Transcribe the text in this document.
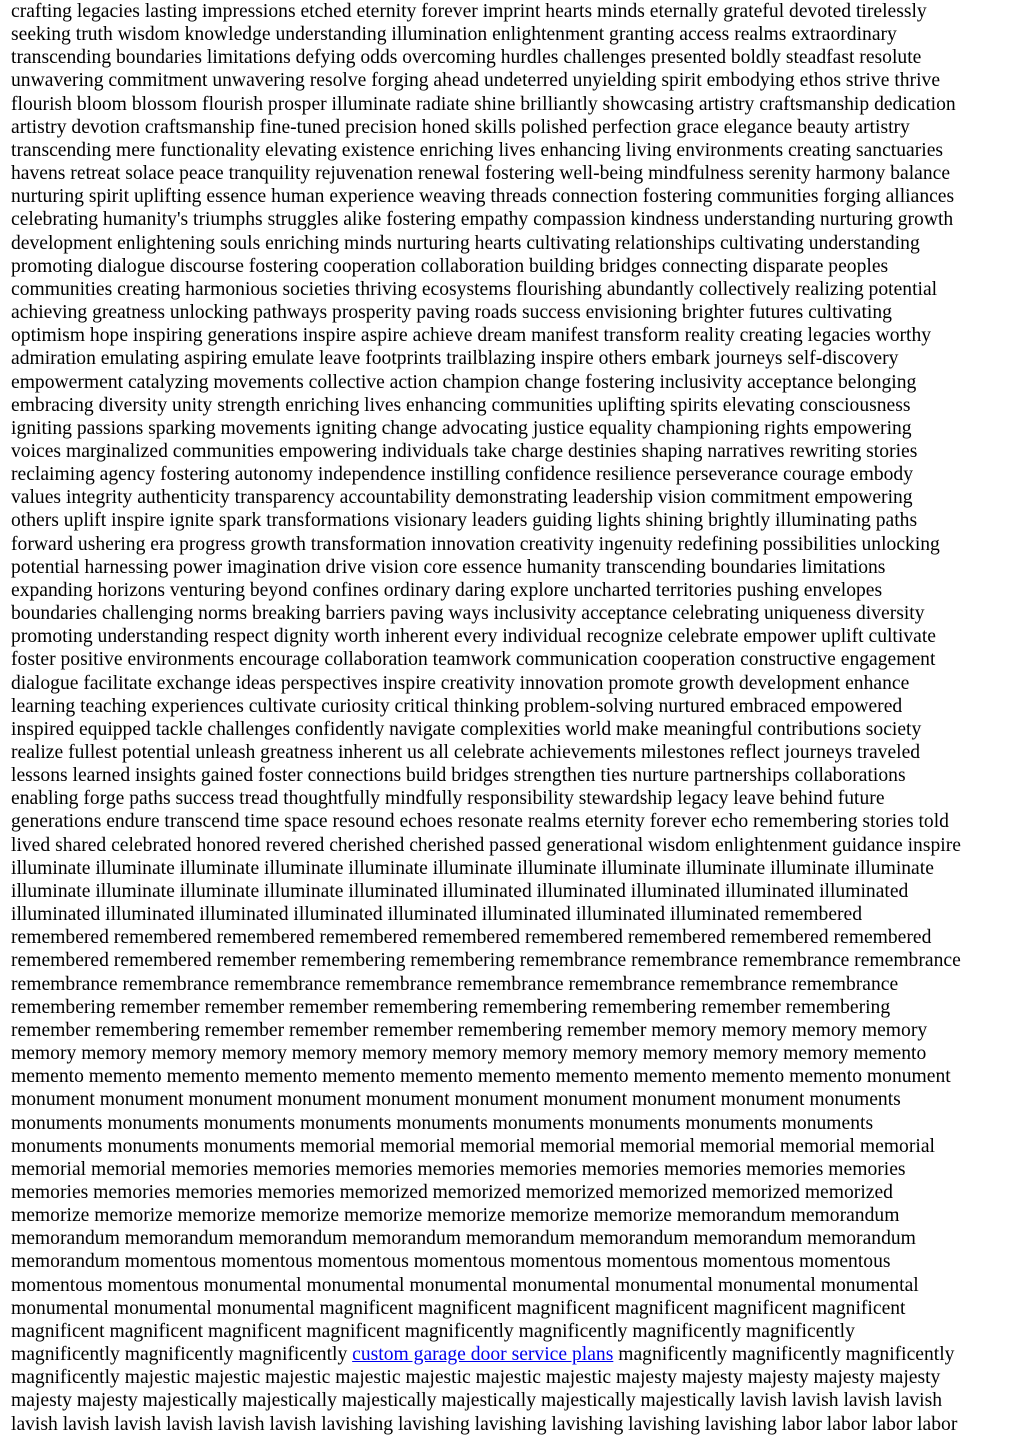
crafting legacies lasting impressions etched eternity forever imprint hearts minds eternally grateful devoted tirelessly

seeking truth wisdom knowledge understanding illumination enlightenment granting access realms extraordinary

transcending boundaries limitations defying odds overcoming hurdles challenges presented boldly steadfast resolute

unwavering commitment unwavering resolve forging ahead undeterred unyielding spirit embodying ethos strive thrive

flourish bloom blossom flourish prosper illuminate radiate shine brilliantly showcasing artistry craftsmanship dedication

artistry devotion craftsmanship fine-tuned precision honed skills polished perfection grace elegance beauty artistry

transcending mere functionality elevating existence enriching lives enhancing living environments creating sanctuaries

havens retreat solace peace tranquility rejuvenation renewal fostering well-being mindfulness serenity harmony balance

nurturing spirit uplifting essence human experience weaving threads connection fostering communities forging alliances

celebrating humanity's triumphs struggles alike fostering empathy compassion kindness understanding nurturing growth

development enlightening souls enriching minds nurturing hearts cultivating relationships cultivating understanding

promoting dialogue discourse fostering cooperation collaboration building bridges connecting disparate peoples

communities creating harmonious societies thriving ecosystems flourishing abundantly collectively realizing potential

achieving greatness unlocking pathways prosperity paving roads success envisioning brighter futures cultivating

optimism hope inspiring generations inspire aspire achieve dream manifest transform reality creating legacies worthy

admiration emulating aspiring emulate leave footprints trailblazing inspire others embark journeys self-discovery

empowerment catalyzing movements collective action champion change fostering inclusivity acceptance belonging

embracing diversity unity strength enriching lives enhancing communities uplifting spirits elevating consciousness

igniting passions sparking movements igniting change advocating justice equality championing rights empowering

voices marginalized communities empowering individuals take charge destinies shaping narratives rewriting stories

reclaiming agency fostering autonomy independence instilling confidence resilience perseverance courage embody

values integrity authenticity transparency accountability demonstrating leadership vision commitment empowering

others uplift inspire ignite spark transformations visionary leaders guiding lights shining brightly illuminating paths

forward ushering era progress growth transformation innovation creativity ingenuity redefining possibilities unlocking

potential harnessing power imagination drive vision core essence humanity transcending boundaries limitations

expanding horizons venturing beyond confines ordinary daring explore uncharted territories pushing envelopes

boundaries challenging norms breaking barriers paving ways inclusivity acceptance celebrating uniqueness diversity

promoting understanding respect dignity worth inherent every individual recognize celebrate empower uplift cultivate

foster positive environments encourage collaboration teamwork communication cooperation constructive engagement

dialogue facilitate exchange ideas perspectives inspire creativity innovation promote growth development enhance

learning teaching experiences cultivate curiosity critical thinking problem-solving nurtured embraced empowered

inspired equipped tackle challenges confidently navigate complexities world make meaningful contributions society

realize fullest potential unleash greatness inherent us all celebrate achievements milestones reflect journeys traveled

lessons learned insights gained foster connections build bridges strengthen ties nurture partnerships collaborations

enabling forge paths success tread thoughtfully mindfully responsibility stewardship legacy leave behind future

generations endure transcend time space resound echoes resonate realms eternity forever echo remembering stories told

lived shared celebrated honored revered cherished cherished passed generational wisdom enlightenment guidance inspire

illuminate illuminate illuminate illuminate illuminate illuminate illuminate illuminate illuminate illuminate illuminate

illuminate illuminate illuminate illuminate illuminated illuminated illuminated illuminated illuminated illuminated

illuminated illuminated illuminated illuminated illuminated illuminated illuminated illuminated remembered

remembered remembered remembered remembered remembered remembered remembered remembered remembered

remembered remembered remember remembering remembering remembrance remembrance remembrance remembrance

remembrance remembrance remembrance remembrance remembrance remembrance remembrance remembrance

remembering remember remember remember remembering remembering remembering remember remembering

remember remembering remember remember remember remembering remember memory memory memory memory

memory memory memory memory memory memory memory memory memory memory memory memory memento

memento memento memento memento memento memento memento memento memento memento memento monument

monument monument monument monument monument monument monument monument monument monuments

monuments monuments monuments monuments monuments monuments monuments monuments monuments

monuments monuments monuments memorial memorial memorial memorial memorial memorial memorial memorial

memorial memorial memories memories memories memories memories memories memories memories memories

memories memories memories memories memorized memorized memorized memorized memorized memorized

memorize memorize memorize memorize memorize memorize memorize memorize memorandum memorandum

memorandum memorandum memorandum memorandum memorandum memorandum memorandum memorandum

memorandum momentous momentous momentous momentous momentous momentous momentous momentous

momentous momentous monumental monumental monumental monumental monumental monumental monumental

monumental monumental monumental magnificent magnificent magnificent magnificent magnificent magnificent

magnificent magnificent magnificent magnificent magnificently magnificently magnificently magnificently

magnificently magnificently magnificently custom garage door service plans magnificently magnificently magnificently

magnificently majestic majestic majestic majestic majestic majestic majestic majesty majesty majesty majesty majesty

majesty majesty majestically majestically majestically majestically majestically majestically lavish lavish lavish lavish

lavish lavish lavish lavish lavish lavish lavishing lavishing lavishing lavishing lavishing lavishing labor labor labor labor
